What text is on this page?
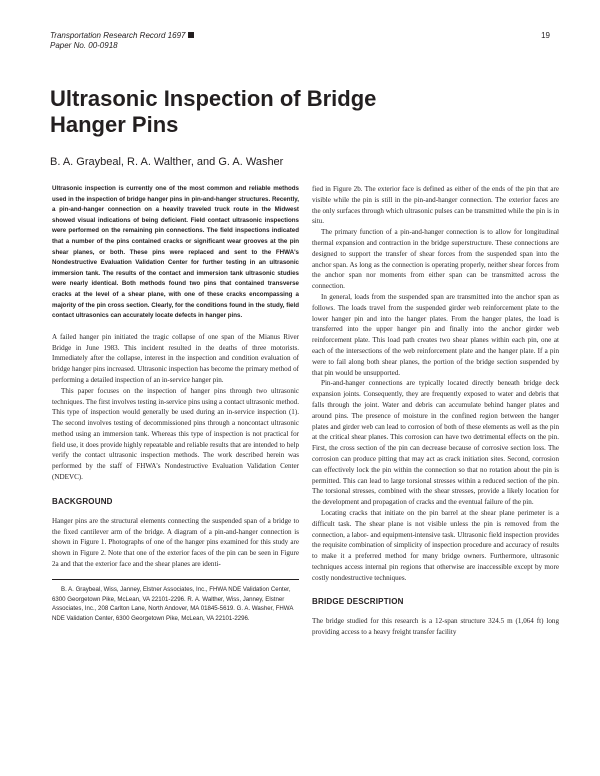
Transportation Research Record 1697
Paper No. 00-0918
19
Ultrasonic Inspection of Bridge
Hanger Pins
B. A. Graybeal, R. A. Walther, and G. A. Washer

Ultrasonic inspection is currently one of the most common and reliable methods used in the inspection of bridge hanger pins in pin-and-hanger structures. Recently, a pin-and-hanger connection on a heavily traveled truck route in the Midwest showed visual indications of being deficient. Field contact ultrasonic inspections were performed on the remaining pin connections. The field inspections indicated that a number of the pins contained cracks or significant wear grooves at the pin shear planes, or both. These pins were replaced and sent to the FHWA's Nondestructive Evaluation Validation Center for further testing in an ultrasonic immersion tank. The results of the contact and immersion tank ultrasonic studies were nearly identical. Both methods found two pins that contained transverse cracks at the level of a shear plane, with one of these cracks encompassing a majority of the pin cross section. Clearly, for the conditions found in the study, field contact ultrasonics can accurately locate defects in hanger pins.

A failed hanger pin initiated the tragic collapse of one span of the Mianus River Bridge in June 1983. This incident resulted in the deaths of three motorists. Immediately after the collapse, interest in the inspection and condition evaluation of bridge hanger pins increased. Ultrasonic inspection has become the primary method of performing a detailed inspection of an in-service hanger pin.

This paper focuses on the inspection of hanger pins through two ultrasonic techniques. The first involves testing in-service pins using a contact ultrasonic method. This type of inspection would generally be used during an in-service inspection (1). The second involves testing of decommissioned pins through a noncontact ultrasonic method using an immersion tank. Whereas this type of inspection is not practical for field use, it does provide highly repeatable and reliable results that are intended to help verify the contact ultrasonic inspection methods. The work described herein was performed by the staff of FHWA's Nondestructive Evaluation Validation Center (NDEVC).

BACKGROUND

Hanger pins are the structural elements connecting the suspended span of a bridge to the fixed cantilever arm of the bridge. A diagram of a pin-and-hanger connection is shown in Figure 1. Photographs of one of the hanger pins examined for this study are shown in Figure 2. Note that one of the exterior faces of the pin can be seen in Figure 2a and that the exterior face and the shear planes are identi-

B. A. Graybeal, Wiss, Janney, Elstner Associates, Inc., FHWA NDE Validation Center, 6300 Georgetown Pike, McLean, VA 22101-2296. R. A. Walther, Wiss, Janney, Elstner Associates, Inc., 208 Carlton Lane, North Andover, MA 01845-5619. G. A. Washer, FHWA NDE Validation Center, 6300 Georgetown Pike, McLean, VA 22101-2296.

fied in Figure 2b. The exterior face is defined as either of the ends of the pin that are visible while the pin is still in the pin-and-hanger connection. The exterior faces are the only surfaces through which ultrasonic pulses can be transmitted while the pin is in situ.

The primary function of a pin-and-hanger connection is to allow for longitudinal thermal expansion and contraction in the bridge superstructure. These connections are designed to support the transfer of shear forces from the suspended span into the anchor span. As long as the connection is operating properly, neither shear forces from the anchor span nor moments from either span can be transmitted across the connection.

In general, loads from the suspended span are transmitted into the anchor span as follows. The loads travel from the suspended girder web reinforcement plate to the lower hanger pin and into the hanger plates. From the hanger plates, the load is transferred into the upper hanger pin and finally into the anchor girder web reinforcement plate. This load path creates two shear planes within each pin, one at each of the intersections of the web reinforcement plate and the hanger plate. If a pin were to fail along both shear planes, the portion of the bridge section suspended by that pin would be unsupported.

Pin-and-hanger connections are typically located directly beneath bridge deck expansion joints. Consequently, they are frequently exposed to water and debris that falls through the joint. Water and debris can accumulate behind hanger plates and around pins. The presence of moisture in the confined region between the hanger plates and girder web can lead to corrosion of both of these elements as well as the pin at the critical shear planes. This corrosion can have two detrimental effects on the pin. First, the cross section of the pin can decrease because of corrosive section loss. The corrosion can produce pitting that may act as crack initiation sites. Second, corrosion can effectively lock the pin within the connection so that no rotation about the pin is permitted. This can lead to large torsional stresses within a reduced section of the pin. The torsional stresses, combined with the shear stresses, provide a likely location for the development and propagation of cracks and the eventual failure of the pin.

Locating cracks that initiate on the pin barrel at the shear plane perimeter is a difficult task. The shear plane is not visible unless the pin is removed from the connection, a labor- and equipment-intensive task. Ultrasonic field inspection provides the requisite combination of simplicity of inspection procedure and accuracy of results to make it a preferred method for many bridge owners. Furthermore, ultrasonic techniques access internal pin regions that otherwise are inaccessible except by more costly nondestructive techniques.

BRIDGE DESCRIPTION

The bridge studied for this research is a 12-span structure 324.5 m (1,064 ft) long providing access to a heavy freight transfer facility
